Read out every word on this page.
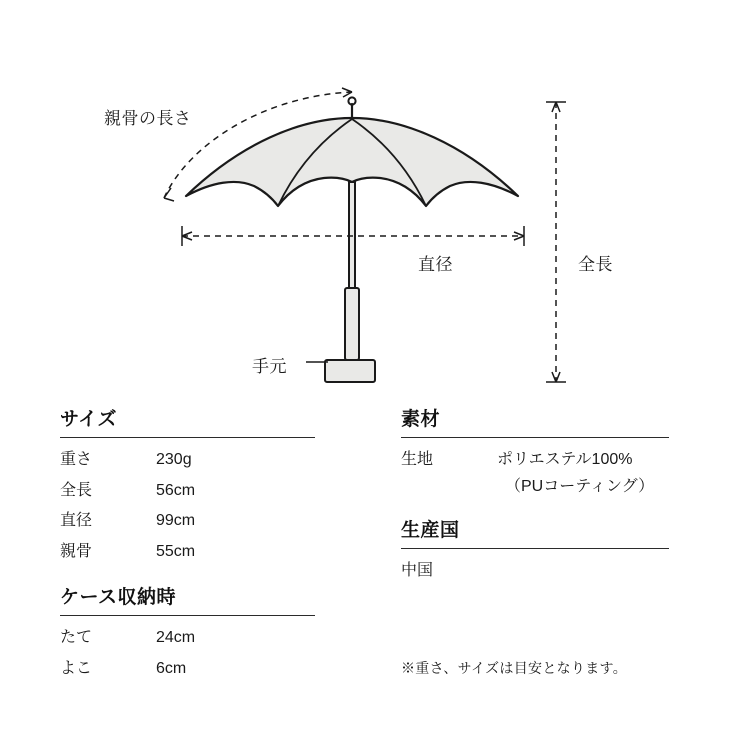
親骨の長さ
直径	全長
手元
サイズ
重さ	230g
全長	56cm
直径	99cm
親骨	55cm
ケース収納時
たて	24cm
よこ	6cm
素材
生地	ポリエステル100%
（PUコーティング）
生産国
中国
※重さ、サイズは目安となります。
